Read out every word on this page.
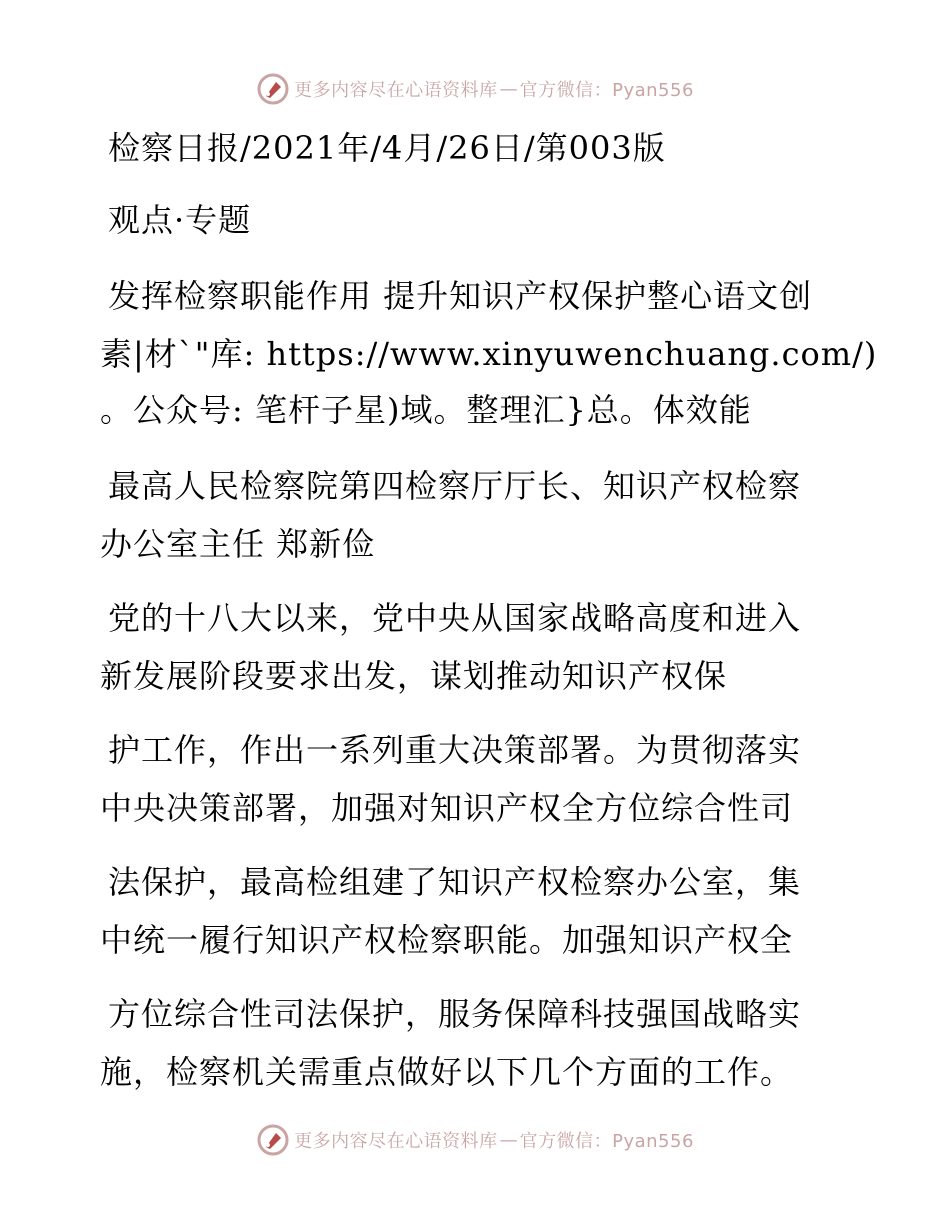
更多内容尽在心语资料库 — 官方微信：Pyan556
检察日报/2021年/4月/26日/第003版
观点·专题
发挥检察职能作用 提升知识产权保护整心语文创
素|材`"库: https://www.xinyuwenchuang.com/)
。公众号: 笔杆子星)域。整理汇}总。体效能
最高人民检察院第四检察厅厅长、知识产权检察
办公室主任 郑新俭
党的十八大以来，党中央从国家战略高度和进入
新发展阶段要求出发，谋划推动知识产权保
护工作，作出一系列重大决策部署。为贯彻落实
中央决策部署，加强对知识产权全方位综合性司
法保护，最高检组建了知识产权检察办公室，集
中统一履行知识产权检察职能。加强知识产权全
方位综合性司法保护，服务保障科技强国战略实
施，检察机关需重点做好以下几个方面的工作。
更多内容尽在心语资料库 — 官方微信：Pyan556
